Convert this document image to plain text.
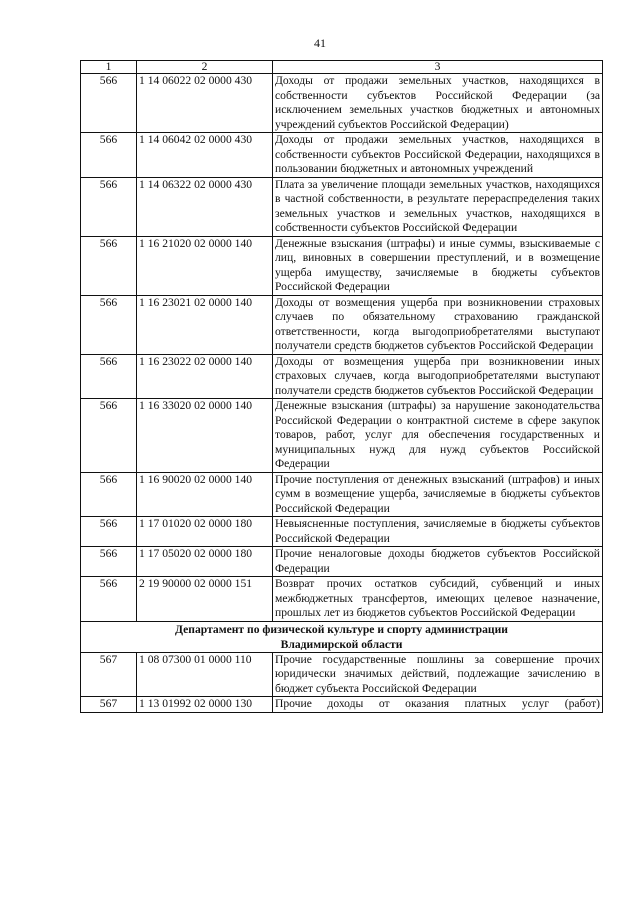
41
1	2	3
566	1 14 06022 02 0000 430	Доходы от продажи земельных участков, находящихся в собственности субъектов Российской Федерации (за исключением земельных участков бюджетных и автономных учреждений субъектов Российской Федерации)
566	1 14 06042 02 0000 430	Доходы от продажи земельных участков, находящихся в собственности субъектов Российской Федерации, находящихся в пользовании бюджетных и автономных учреждений
566	1 14 06322 02 0000 430	Плата за увеличение площади земельных участков, находящихся в частной собственности, в результате перераспределения таких земельных участков и земельных участков, находящихся в собственности субъектов Российской Федерации
566	1 16 21020 02 0000 140	Денежные взыскания (штрафы) и иные суммы, взыскиваемые с лиц, виновных в совершении преступлений, и в возмещение ущерба имуществу, зачисляемые в бюджеты субъектов Российской Федерации
566	1 16 23021 02 0000 140	Доходы от возмещения ущерба при возникновении страховых случаев по обязательному страхованию гражданской ответственности, когда выгодоприобретателями выступают получатели средств бюджетов субъектов Российской Федерации
566	1 16 23022 02 0000 140	Доходы от возмещения ущерба при возникновении иных страховых случаев, когда выгодоприобретателями выступают получатели средств бюджетов субъектов Российской Федерации
566	1 16 33020 02 0000 140	Денежные взыскания (штрафы) за нарушение законодательства Российской Федерации о контрактной системе в сфере закупок товаров, работ, услуг для обеспечения государственных и муниципальных нужд для нужд субъектов Российской Федерации
566	1 16 90020 02 0000 140	Прочие поступления от денежных взысканий (штрафов) и иных сумм в возмещение ущерба, зачисляемые в бюджеты субъектов Российской Федерации
566	1 17 01020 02 0000 180	Невыясненные поступления, зачисляемые в бюджеты субъектов Российской Федерации
566	1 17 05020 02 0000 180	Прочие неналоговые доходы бюджетов субъектов Российской Федерации
566	2 19 90000 02 0000 151	Возврат прочих остатков субсидий, субвенций и иных межбюджетных трансфертов, имеющих целевое назначение, прошлых лет из бюджетов субъектов Российской Федерации
Департамент по физической культуре и спорту администрации
Владимирской области		
567	1 08 07300 01 0000 110	Прочие государственные пошлины за совершение прочих юридически значимых действий, подлежащие зачислению в бюджет субъекта Российской Федерации
567	1 13 01992 02 0000 130	Прочие доходы от оказания платных услуг (работ)
